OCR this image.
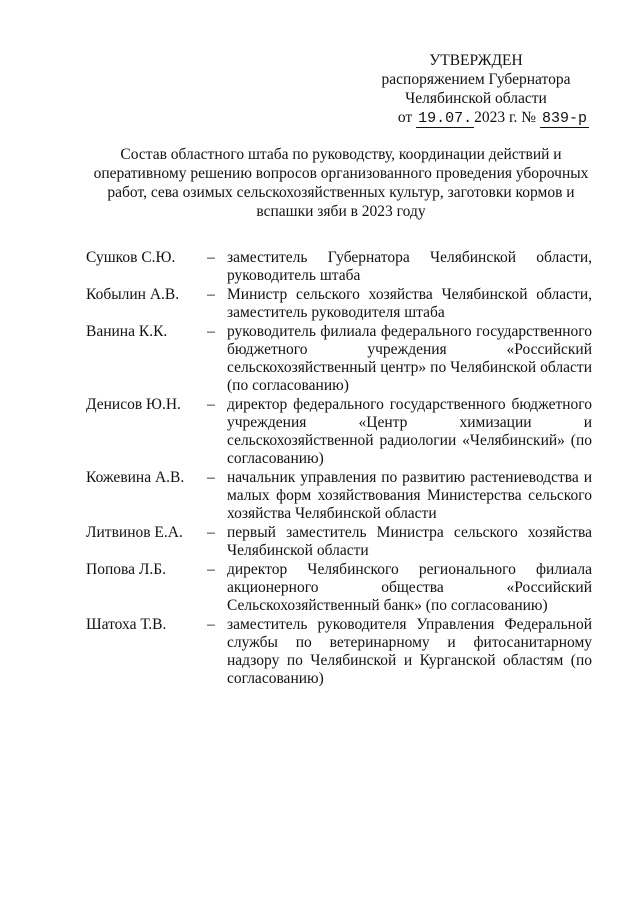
УТВЕРЖДЕН
распоряжением Губернатора
Челябинской области
от 19.07. 2023 г. № 839-р
Состав областного штаба по руководству, координации действий и оперативному решению вопросов организованного проведения уборочных работ, сева озимых сельскохозяйственных культур, заготовки кормов и вспашки зяби в 2023 году
Сушков С.Ю.	– заместитель Губернатора Челябинской области, руководитель штаба
Кобылин А.В.	– Министр сельского хозяйства Челябинской области, заместитель руководителя штаба
Ванина К.К.	– руководитель филиала федерального государственного бюджетного учреждения «Российский сельскохозяйственный центр» по Челябинской области (по согласованию)
Денисов Ю.Н.	– директор федерального государственного бюджетного учреждения «Центр химизации и сельскохозяйственной радиологии «Челябинский» (по согласованию)
Кожевина А.В.	– начальник управления по развитию растениеводства и малых форм хозяйствования Министерства сельского хозяйства Челябинской области
Литвинов Е.А.	– первый заместитель Министра сельского хозяйства Челябинской области
Попова Л.Б.	– директор Челябинского регионального филиала акционерного общества «Российский Сельскохозяйственный банк» (по согласованию)
Шатоха Т.В.	– заместитель руководителя Управления Федеральной службы по ветеринарному и фитосанитарному надзору по Челябинской и Курганской областям (по согласованию)
